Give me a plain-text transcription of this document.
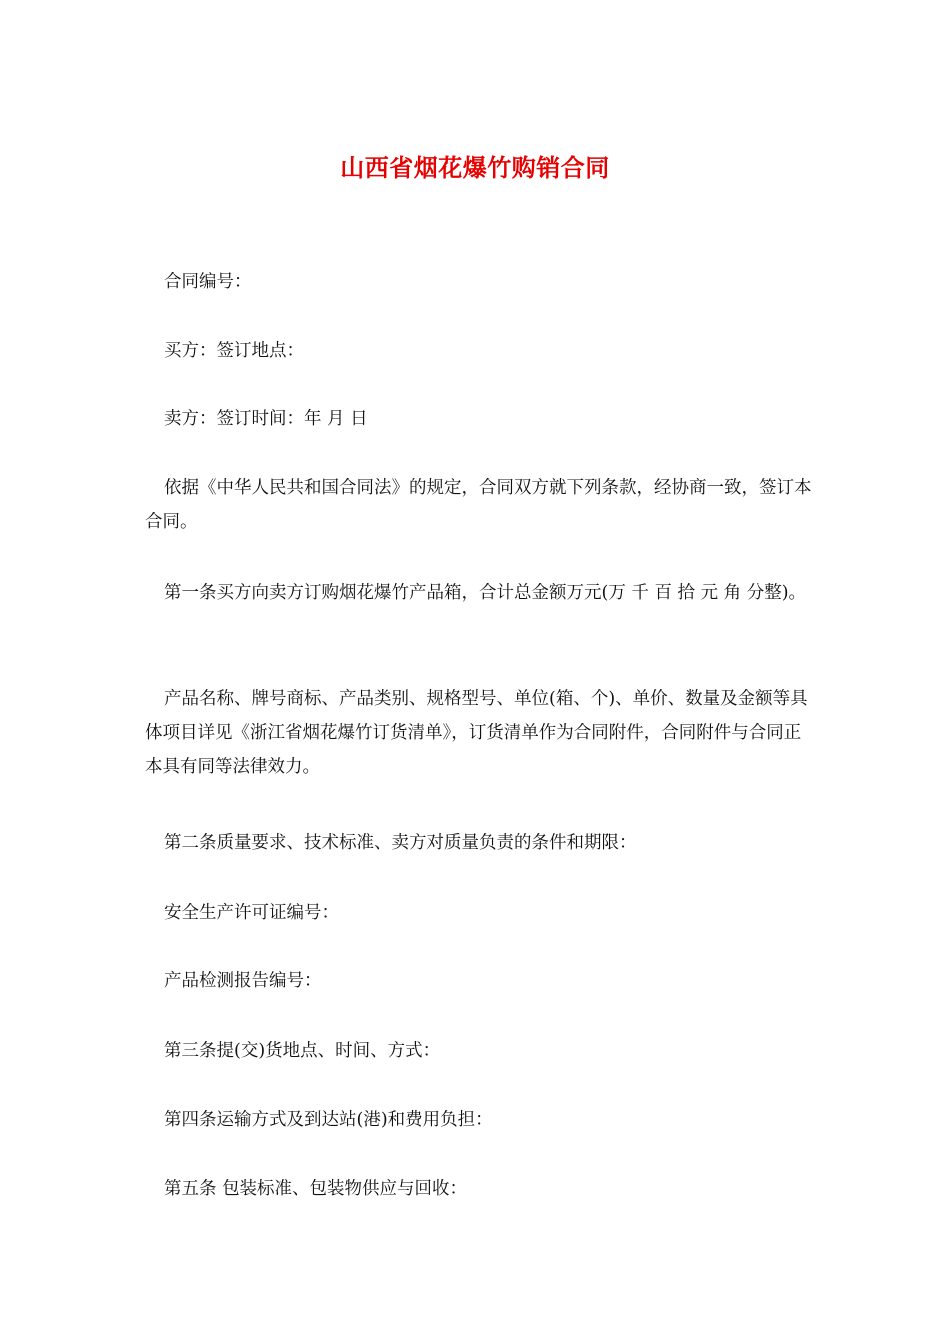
山西省烟花爆竹购销合同
合同编号：
买方：签订地点：
卖方：签订时间：年 月 日
依据《中华人民共和国合同法》的规定，合同双方就下列条款，经协商一致，签订本合同。
第一条买方向卖方订购烟花爆竹产品箱，合计总金额万元(万 千 百 拾 元 角 分整)。
产品名称、牌号商标、产品类别、规格型号、单位(箱、个)、单价、数量及金额等具体项目详见《浙江省烟花爆竹订货清单》，订货清单作为合同附件，合同附件与合同正本具有同等法律效力。
第二条质量要求、技术标准、卖方对质量负责的条件和期限：
安全生产许可证编号：
产品检测报告编号：
第三条提(交)货地点、时间、方式：
第四条运输方式及到达站(港)和费用负担：
第五条 包装标准、包装物供应与回收：
